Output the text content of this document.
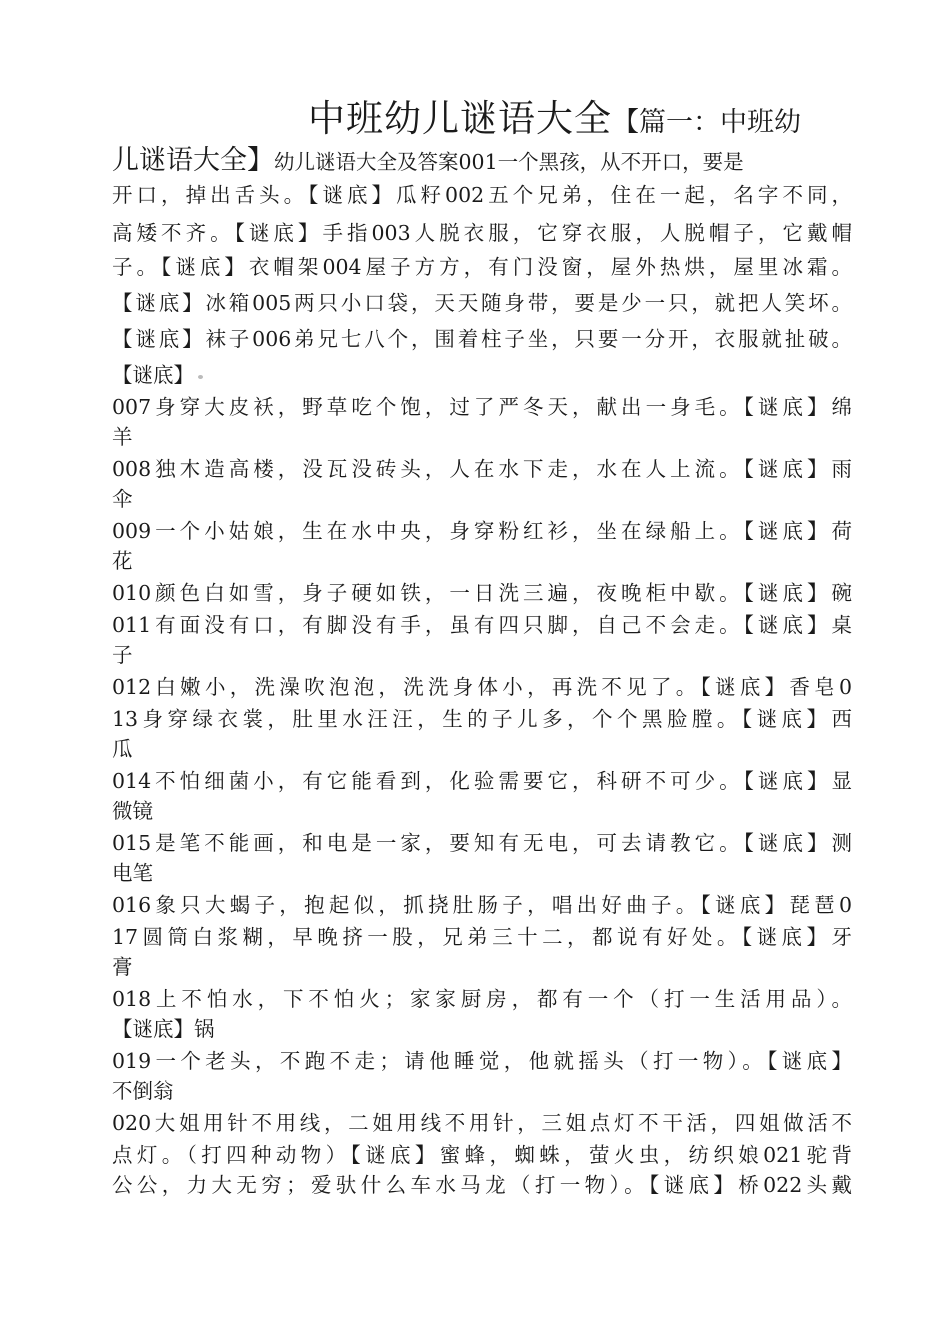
中班幼儿谜语大全【篇一：中班幼
儿谜语大全】幼儿谜语大全及答案001一个黑孩，从不开口，要是
开口，掉出舌头。【谜底】瓜籽002五个兄弟，住在一起，名字不同，
高矮不齐。【谜底】手指003人脱衣服，它穿衣服，人脱帽子，它戴帽
子。【谜底】衣帽架004屋子方方，有门没窗，屋外热烘，屋里冰霜。
【谜底】冰箱005两只小口袋，天天随身带，要是少一只，就把人笑坏。
【谜底】袜子006弟兄七八个，围着柱子坐，只要一分开，衣服就扯破。
【谜底】
007身穿大皮袄，野草吃个饱，过了严冬天，献出一身毛。【谜底】绵
羊
008独木造高楼，没瓦没砖头，人在水下走，水在人上流。【谜底】雨
伞
009一个小姑娘，生在水中央，身穿粉红衫，坐在绿船上。【谜底】荷
花
010颜色白如雪，身子硬如铁，一日洗三遍，夜晚柜中歇。【谜底】碗
011有面没有口，有脚没有手，虽有四只脚，自己不会走。【谜底】桌
子
012白嫩小，洗澡吹泡泡，洗洗身体小，再洗不见了。【谜底】香皂0
13身穿绿衣裳，肚里水汪汪，生的子儿多，个个黑脸膛。【谜底】西
瓜
014不怕细菌小，有它能看到，化验需要它，科研不可少。【谜底】显
微镜
015是笔不能画，和电是一家，要知有无电，可去请教它。【谜底】测
电笔
016象只大蝎子，抱起似，抓挠肚肠子，唱出好曲子。【谜底】琵琶0
17圆筒白浆糊，早晚挤一股，兄弟三十二，都说有好处。【谜底】牙
膏
018上不怕水，下不怕火；家家厨房，都有一个（打一生活用品）。
【谜底】锅
019一个老头，不跑不走；请他睡觉，他就摇头（打一物）。【谜底】
不倒翁
020大姐用针不用线，二姐用线不用针，三姐点灯不干活，四姐做活不
点灯。（打四种动物）【谜底】蜜蜂，蜘蛛，萤火虫，纺织娘021驼背
公公，力大无穷；爱驮什么车水马龙（打一物）。【谜底】桥022头戴
